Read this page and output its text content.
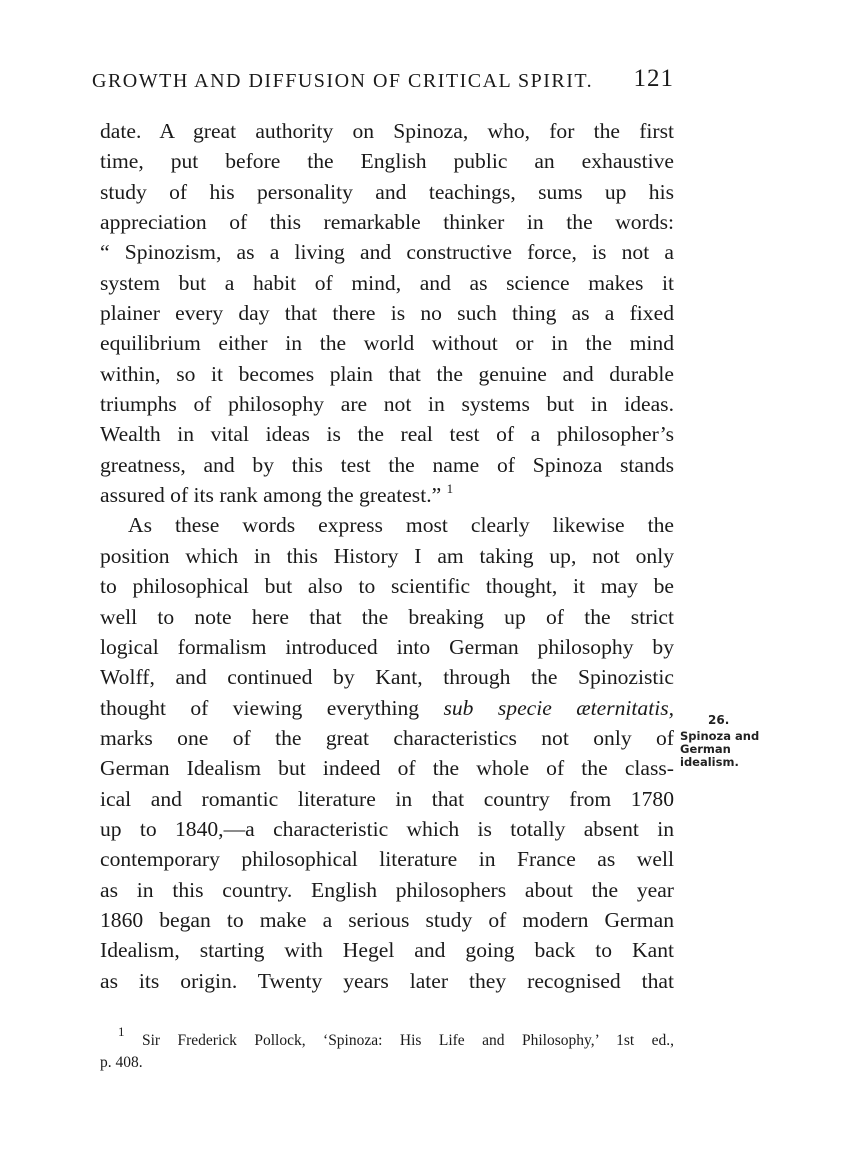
GROWTH AND DIFFUSION OF CRITICAL SPIRIT. 121
date. A great authority on Spinoza, who, for the first
time, put before the English public an exhaustive
study of his personality and teachings, sums up his
appreciation of this remarkable thinker in the words:
“ Spinozism, as a living and constructive force, is not a
system but a habit of mind, and as science makes it
plainer every day that there is no such thing as a fixed
equilibrium either in the world without or in the mind
within, so it becomes plain that the genuine and durable
triumphs of philosophy are not in systems but in ideas.
Wealth in vital ideas is the real test of a philosopher’s
greatness, and by this test the name of Spinoza stands
assured of its rank among the greatest.” $^1$
As these words express most clearly likewise the
position which in this History I am taking up, not only
to philosophical but also to scientific thought, it may be
well to note here that the breaking up of the strict
logical formalism introduced into German philosophy by
Wolff, and continued by Kant, through the Spinozistic
thought of viewing everything sub specie æternitatis,
marks one of the great characteristics not only of
German Idealism but indeed of the whole of the class-
ical and romantic literature in that country from 1780
up to 1840,—a characteristic which is totally absent in
contemporary philosophical literature in France as well
as in this country. English philosophers about the year
1860 began to make a serious study of modern German
Idealism, starting with Hegel and going back to Kant
as its origin. Twenty years later they recognised that
26.
Spinoza and
German
idealism.
$^1$ Sir Frederick Pollock, ‘Spinoza: His Life and Philosophy,’ 1st ed.,
p. 408.
